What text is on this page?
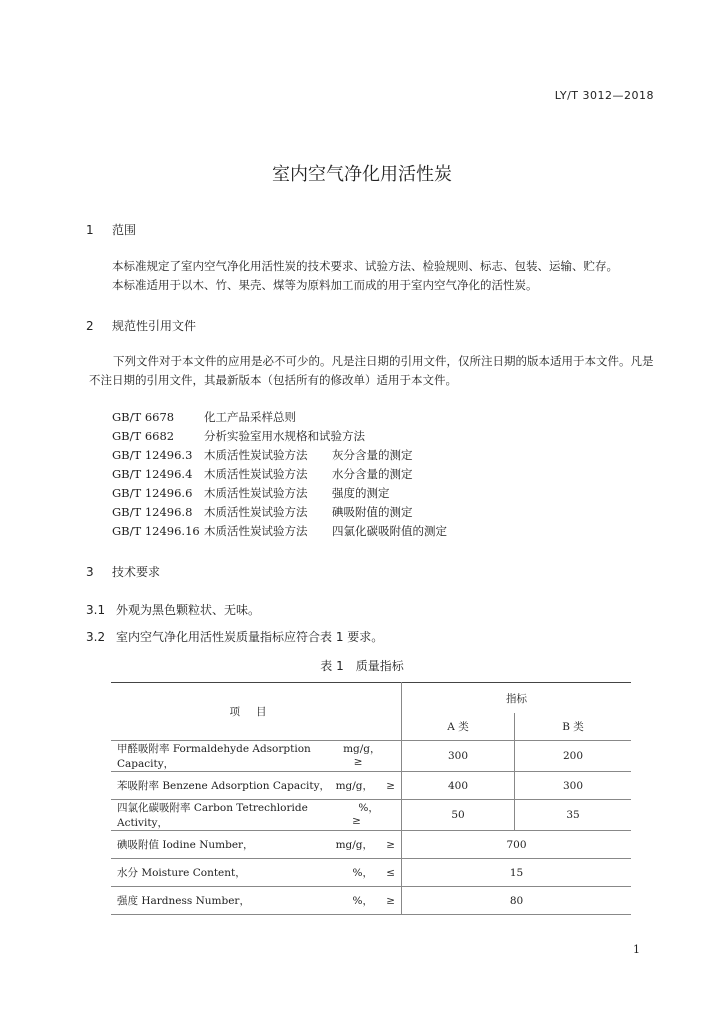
LY/T 3012—2018
室内空气净化用活性炭
1 范围
本标准规定了室内空气净化用活性炭的技术要求、试验方法、检验规则、标志、包装、运输、贮存。
本标准适用于以木、竹、果壳、煤等为原料加工而成的用于室内空气净化的活性炭。
2 规范性引用文件
下列文件对于本文件的应用是必不可少的。凡是注日期的引用文件，仅所注日期的版本适用于本文件。凡是不注日期的引用文件，其最新版本（包括所有的修改单）适用于本文件。
GB/T 6678	化工产品采样总则
GB/T 6682	分析实验室用水规格和试验方法
GB/T 12496.3 木质活性炭试验方法 灰分含量的测定
GB/T 12496.4 木质活性炭试验方法 水分含量的测定
GB/T 12496.6 木质活性炭试验方法 强度的测定
GB/T 12496.8 木质活性炭试验方法 碘吸附值的测定
GB/T 12496.16 木质活性炭试验方法 四氯化碳吸附值的测定
3 技术要求
3.1 外观为黑色颗粒状、无味。
3.2 室内空气净化用活性炭质量指标应符合表 1 要求。
表 1　质量指标
项目	指标	
	A 类	B 类

甲醛吸附率 Formaldehyde Adsorption Capacity，
mg/g，≥	300	200

苯吸附率 Benzene Adsorption Capacity， mg/g， ≥	400	300

四氯化碳吸附率 Carbon Tetrechloride Activity，
%，≥	50	35

碘吸附值 Iodine Number， mg/g， ≥	700	

水分 Moisture Content， %， ≤	15	

强度 Hardness Number， %， ≥	80	
1
